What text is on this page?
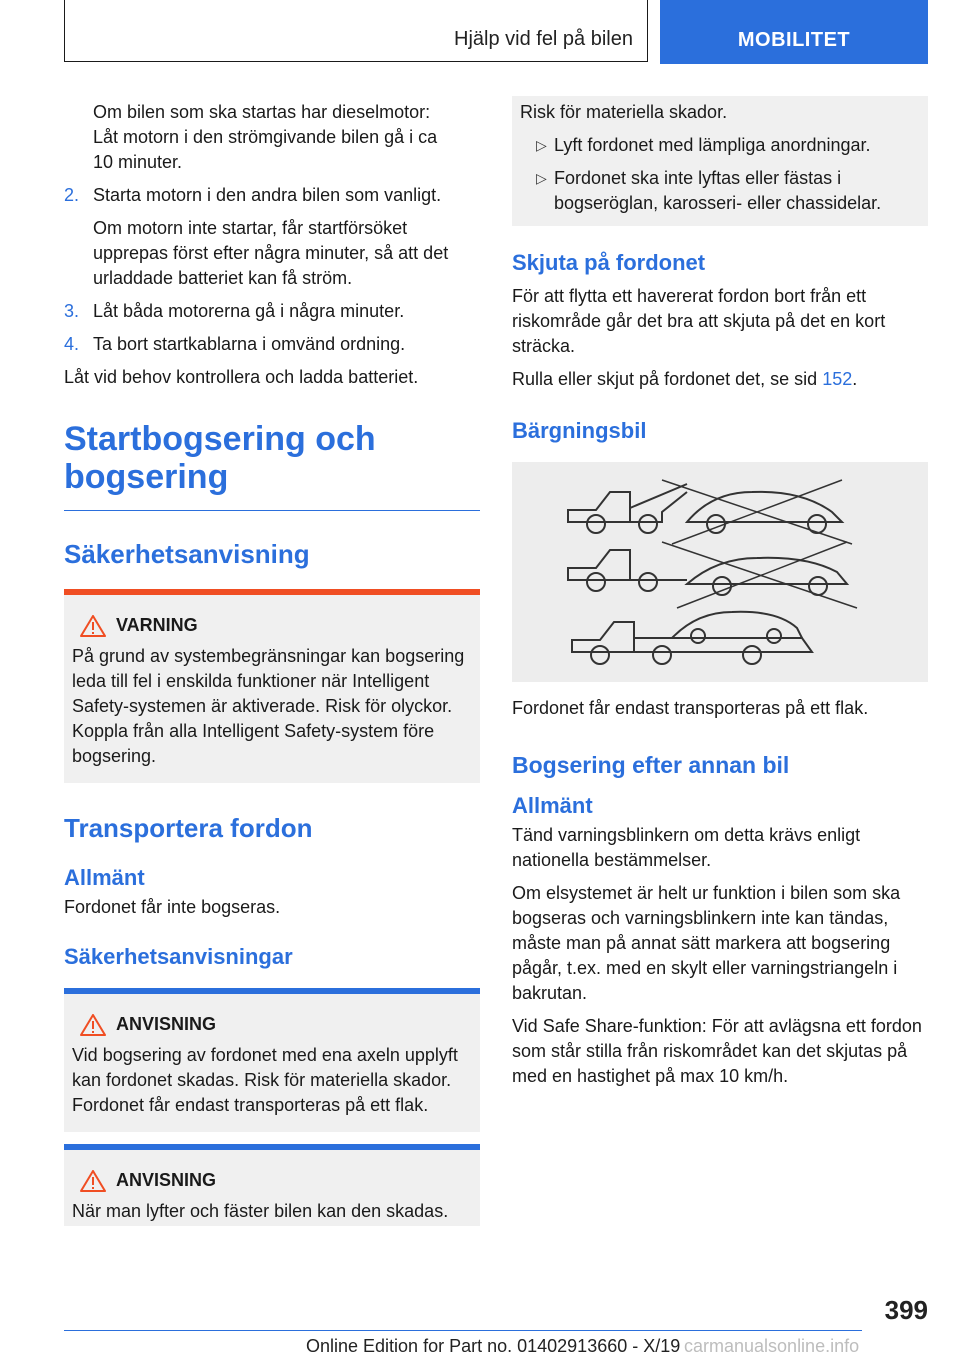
Hjälp vid fel på bilen	MOBILITET

Om bilen som ska startas har dieselmotor:
Låt motorn i den strömgivande bilen gå i ca
10 minuter.

2. Starta motorn i den andra bilen som vanligt.

Om motorn inte startar, får startförsöket upprepas först efter några minuter, så att det urladdade batteriet kan få ström.

3. Låt båda motorerna gå i några minuter.
4. Ta bort startkablarna i omvänd ordning.

Låt vid behov kontrollera och ladda batteriet.

Startbogsering och bogsering
Säkerhetsanvisning
VARNING
På grund av systembegränsningar kan bogsering leda till fel i enskilda funktioner när Intelligent Safety-systemen är aktiverade. Risk för olyckor. Koppla från alla Intelligent Safety-system före bogsering.
Transportera fordon
Allmänt

Fordonet får inte bogseras.

Säkerhetsanvisningar
ANVISNING
Vid bogsering av fordonet med ena axeln upplyft kan fordonet skadas. Risk för materiella skador. Fordonet får endast transporteras på ett flak.
ANVISNING
När man lyfter och fäster bilen kan den skadas.
Risk för materiella skador.
▷ Lyft fordonet med lämpliga anordningar.
▷ Fordonet ska inte lyftas eller fästas i bogseröglan, karosseri- eller chassidelar.
Skjuta på fordonet

För att flytta ett havererat fordon bort från ett riskområde går det bra att skjuta på det en kort sträcka.

Rulla eller skjut på fordonet det, se sid 152.

Bärgningsbil

Fordonet får endast transporteras på ett flak.

Bogsering efter annan bil
Allmänt

Tänd varningsblinkern om detta krävs enligt nationella bestämmelser.

Om elsystemet är helt ur funktion i bilen som ska bogseras och varningsblinkern inte kan tändas, måste man på annat sätt markera att bogsering pågår, t.ex. med en skylt eller varningstriangeln i bakrutan.

Vid Safe Share-funktion: För att avlägsna ett fordon som står stilla från riskområdet kan det skjutas på med en hastighet på max 10 km/h.

399
Online Edition for Part no. 01402913660 - X/19 carmanualsonline.info
